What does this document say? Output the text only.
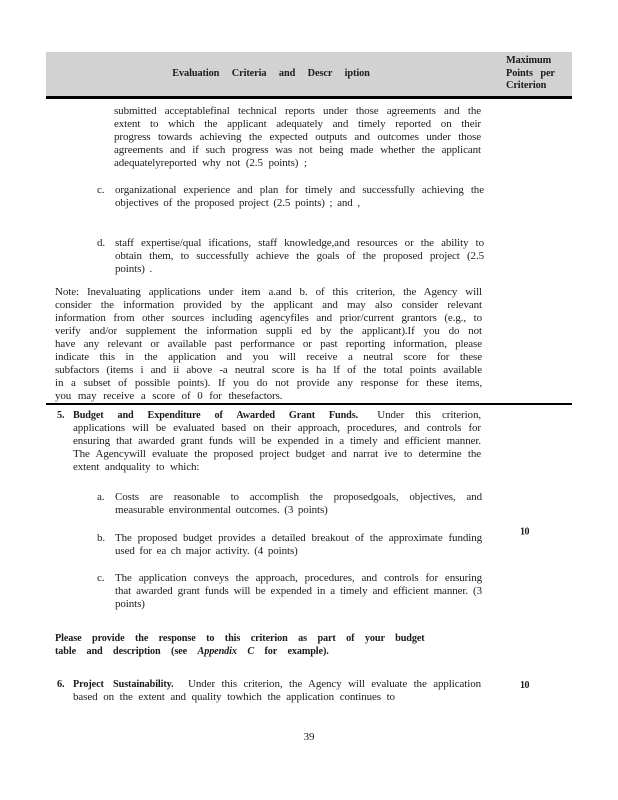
Evaluation Criteria and Descr iption
Maximum Points per Criterion

submitted acceptablefinal technical reports under those agreements and the extent to which the applicant adequately and timely reported on their progress towards achieving the expected outputs and outcomes under those agreements and if such progress was not being made whether the applicant adequatelyreported why not (2.5 points) ;

c. organizational experience and plan for timely and successfully achieving the objectives of the proposed project (2.5 points) ; and ,
d. staff expertise/qual ifications, staff knowledge,and resources or the ability to obtain them, to successfully achieve the goals of the proposed project (2.5 points) .

Note: Inevaluating applications under item a.and b. of this criterion, the Agency will consider the information provided by the applicant and may also consider relevant information from other sources including agencyfiles and prior/current grantors (e.g., to verify and/or supplement the information suppli ed by the applicant).If you do not have any relevant or available past performance or past reporting information, please indicate this in the application and you will receive a neutral score for these subfactors (items i and ii above -a neutral score is ha lf of the total points available in a subset of possible points). If you do not provide any response for these items, you may receive a score of 0 for thesefactors.

5. Budget and Expenditure of Awarded Grant Funds. Under this criterion, applications will be evaluated based on their approach, procedures, and controls for ensuring that awarded grant funds will be expended in a timely and efficient manner. The Agencywill evaluate the proposed project budget and narrat ive to determine the extent andquality to which:

a. Costs are reasonable to accomplish the proposedgoals, objectives, and measurable environmental outcomes. (3 points)
b. The proposed budget provides a detailed breakout of the approximate funding used for ea ch major activity. (4 points)
c. The application conveys the approach, procedures, and controls for ensuring that awarded grant funds will be expended in a timely and efficient manner. (3 points)

Please provide the response to this criterion as part of your budget table and description (see Appendix C for example).

10
6. Project Sustainability. Under this criterion, the Agency will evaluate the application based on the extent and quality towhich the application continues to

10
39
